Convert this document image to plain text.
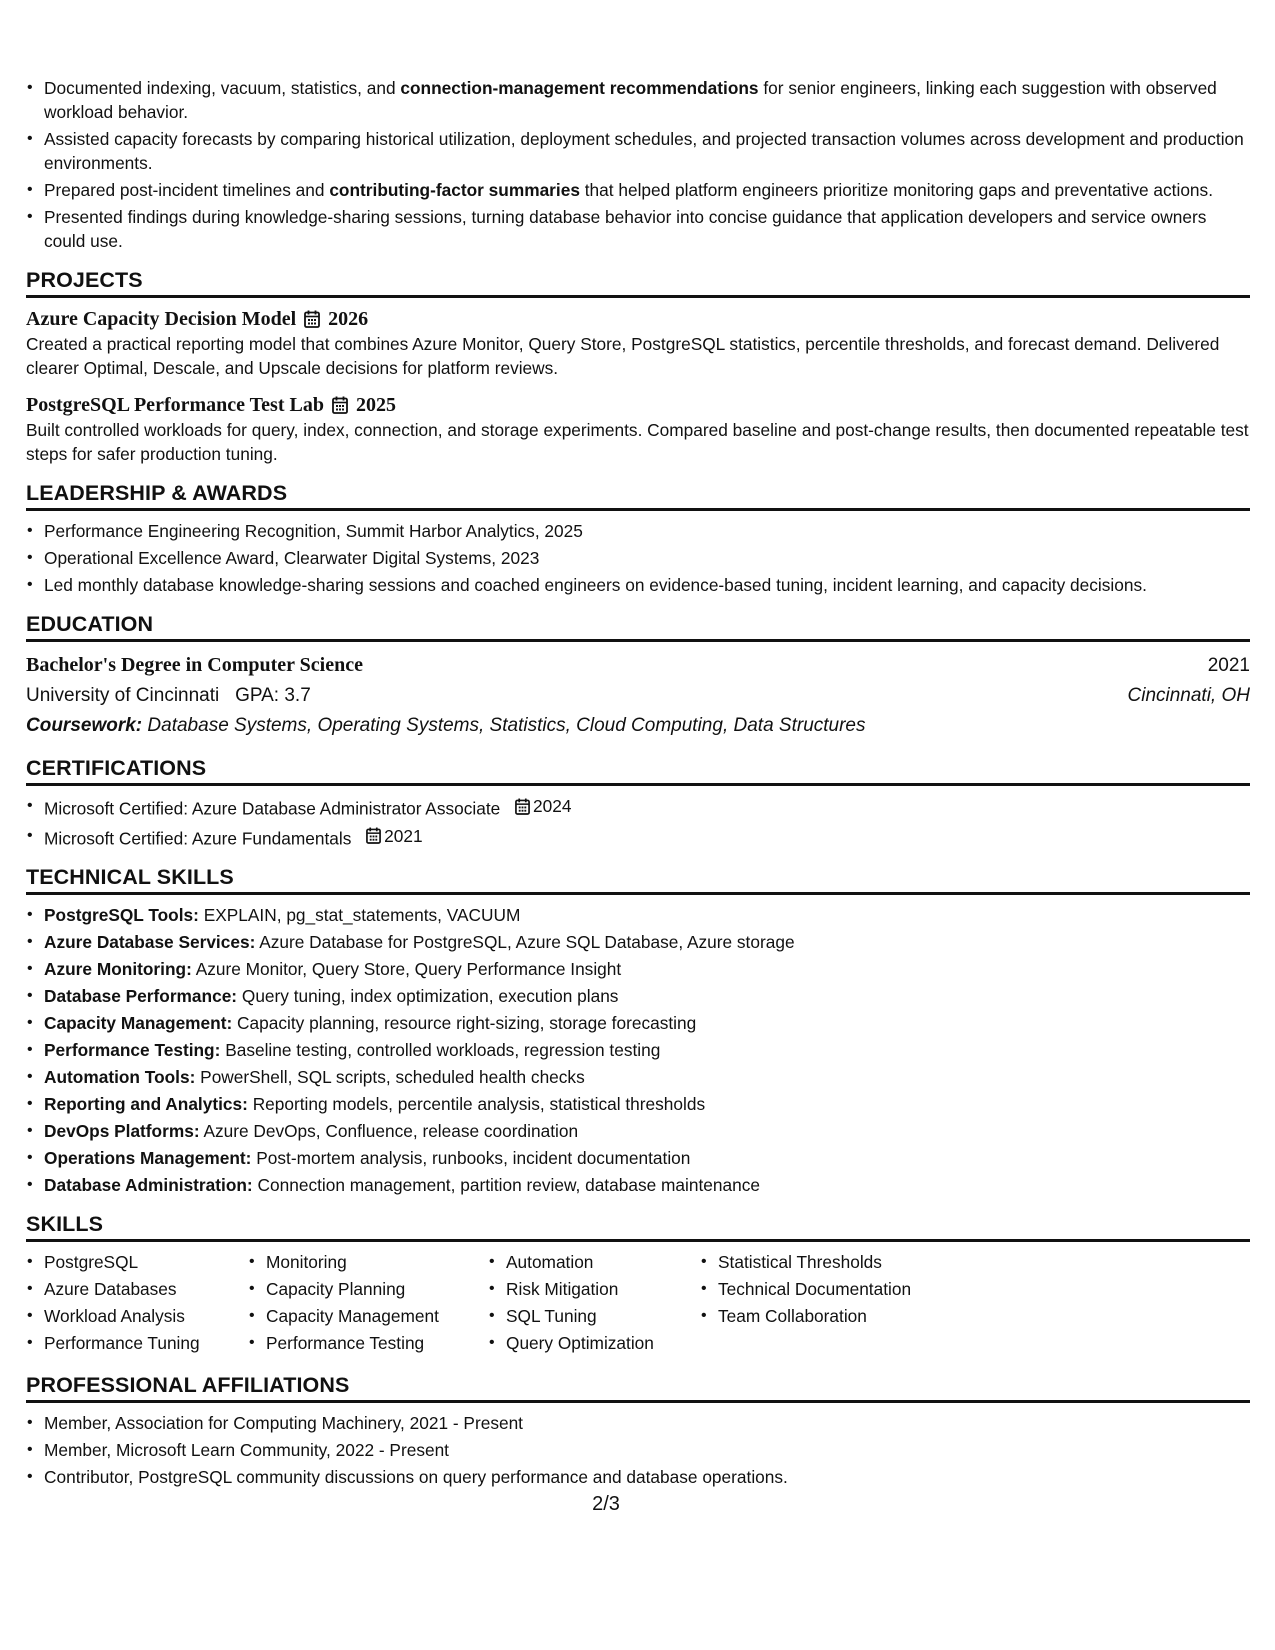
• Documented indexing, vacuum, statistics, and connection-management recommendations for senior engineers, linking each suggestion with observed workload behavior.
• Assisted capacity forecasts by comparing historical utilization, deployment schedules, and projected transaction volumes across development and production environments.
• Prepared post-incident timelines and contributing-factor summaries that helped platform engineers prioritize monitoring gaps and preventative actions.
• Presented findings during knowledge-sharing sessions, turning database behavior into concise guidance that application developers and service owners could use.
PROJECTS
Azure Capacity Decision Model 2026
Created a practical reporting model that combines Azure Monitor, Query Store, PostgreSQL statistics, percentile thresholds, and forecast demand. Delivered clearer Optimal, Descale, and Upscale decisions for platform reviews.
PostgreSQL Performance Test Lab 2025
Built controlled workloads for query, index, connection, and storage experiments. Compared baseline and post-change results, then documented repeatable test steps for safer production tuning.
LEADERSHIP & AWARDS
• Performance Engineering Recognition, Summit Harbor Analytics, 2025
• Operational Excellence Award, Clearwater Digital Systems, 2023
• Led monthly database knowledge-sharing sessions and coached engineers on evidence-based tuning, incident learning, and capacity decisions.
EDUCATION
Bachelor's Degree in Computer Science	2021
University of Cincinnati GPA: 3.7	Cincinnati, OH
Coursework: Database Systems, Operating Systems, Statistics, Cloud Computing, Data Structures
CERTIFICATIONS
• Microsoft Certified: Azure Database Administrator Associate 2024
• Microsoft Certified: Azure Fundamentals 2021
TECHNICAL SKILLS
• PostgreSQL Tools: EXPLAIN, pg_stat_statements, VACUUM
• Azure Database Services: Azure Database for PostgreSQL, Azure SQL Database, Azure storage
• Azure Monitoring: Azure Monitor, Query Store, Query Performance Insight
• Database Performance: Query tuning, index optimization, execution plans
• Capacity Management: Capacity planning, resource right-sizing, storage forecasting
• Performance Testing: Baseline testing, controlled workloads, regression testing
• Automation Tools: PowerShell, SQL scripts, scheduled health checks
• Reporting and Analytics: Reporting models, percentile analysis, statistical thresholds
• DevOps Platforms: Azure DevOps, Confluence, release coordination
• Operations Management: Post-mortem analysis, runbooks, incident documentation
• Database Administration: Connection management, partition review, database maintenance
SKILLS
• PostgreSQL
• Azure Databases
• Workload Analysis
• Performance Tuning
• Monitoring
• Capacity Planning
• Capacity Management
• Performance Testing
• Automation
• Risk Mitigation
• SQL Tuning
• Query Optimization
• Statistical Thresholds
• Technical Documentation
• Team Collaboration
PROFESSIONAL AFFILIATIONS
• Member, Association for Computing Machinery, 2021 - Present
• Member, Microsoft Learn Community, 2022 - Present
• Contributor, PostgreSQL community discussions on query performance and database operations.
2/3
